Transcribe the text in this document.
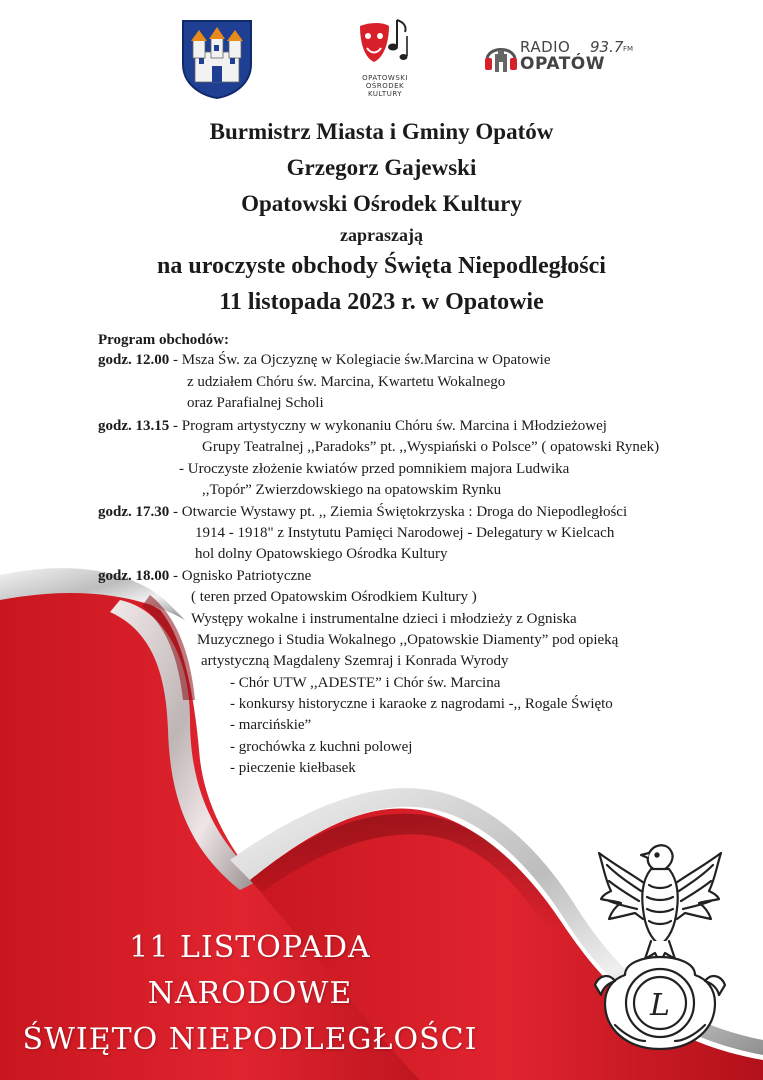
OPATOWSKI
OŚRODEK
KULTURY
RADIO 93.7 FM
OPATÓW
Burmistrz Miasta i Gminy Opatów
Grzegorz Gajewski
Opatowski Ośrodek Kultury
zapraszają
na uroczyste obchody Święta Niepodległości
11 listopada 2023 r. w Opatowie
Program obchodów:
godz. 12.00 - Msza Św. za Ojczyznę w Kolegiacie św.Marcina w Opatowie
z udziałem Chóru św. Marcina, Kwartetu Wokalnego
oraz Parafialnej Scholi
godz. 13.15 - Program artystyczny w wykonaniu Chóru św. Marcina i Młodzieżowej
Grupy Teatralnej ,,Paradoks” pt. ,,Wyspiański o Polsce” ( opatowski Rynek)
- Uroczyste złożenie kwiatów przed pomnikiem majora Ludwika
,,Topór” Zwierzdowskiego na opatowskim Rynku
godz. 17.30 - Otwarcie Wystawy pt. ,, Ziemia Świętokrzyska : Droga do Niepodległości
1914 - 1918" z Instytutu Pamięci Narodowej - Delegatury w Kielcach
hol dolny Opatowskiego Ośrodka Kultury
godz. 18.00 - Ognisko Patriotyczne
( teren przed Opatowskim Ośrodkiem Kultury )
Występy wokalne i instrumentalne dzieci i młodzieży z Ogniska
Muzycznego i Studia Wokalnego ,,Opatowskie Diamenty” pod opieką
artystyczną Magdaleny Szemraj i Konrada Wyrody
- Chór UTW ,,ADESTE” i Chór św. Marcina
- konkursy historyczne i karaoke z nagrodami -,, Rogale Święto
- marcińskie”
- grochówka z kuchni polowej
- pieczenie kiełbasek
11 LISTOPADA
NARODOWE
ŚWIĘTO NIEPODLEGŁOŚCI
L
